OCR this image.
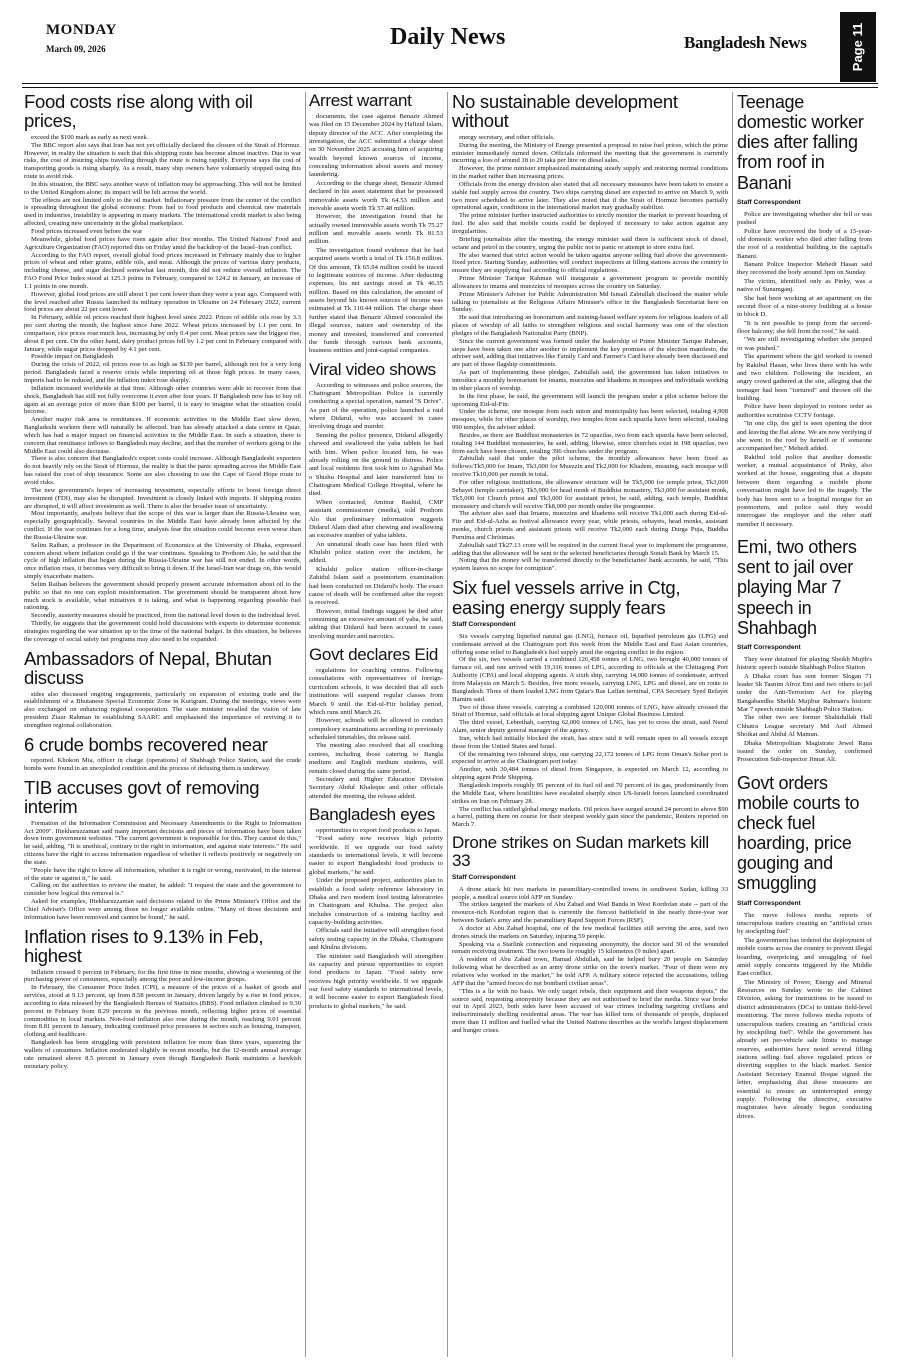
MONDAY
March 09, 2026	Daily News	Bangladesh News	Page 11
Food costs rise along with oil prices,

exceed the $100 mark as early as next week.

The BBC report also says that Iran has not yet officially declared the closure of the Strait of Hormuz. However, in reality the situation is such that this shipping route has become almost inactive. Due to war risks, the cost of insuring ships traveling through the route is rising rapidly. Everyone says the cost of transporting goods is rising sharply. As a result, many ship owners have voluntarily stopped using this route to avoid risk.

In this situation, the BBC says another wave of inflation may be approaching. This will not be limited to the United Kingdom alone; its impact will be felt across the world.

The effects are not limited only to the oil market. Inflationary pressure from the center of the conflict is spreading throughout the global economy. From fuel to food products and chemical raw materials used in industries, instability is appearing in many markets. The international credit market is also being affected, creating new uncertainty in the global marketplace.

Food prices increased even before the war

Meanwhile, global food prices have risen again after five months. The United Nations' Food and Agriculture Organization (FAO) reported this on Friday amid the backdrop of the Israel–Iran conflict.

According to the FAO report, overall global food prices increased in February mainly due to higher prices of wheat and other grains, edible oils, and meat. Although the prices of various dairy products, including cheese, and sugar declined somewhat last month, this did not reduce overall inflation. The FAO Food Price Index stood at 125.3 points in February, compared to 124.2 in January, an increase of 1.1 points in one month.

However, global food prices are still about 1 per cent lower than they were a year ago. Compared with the level reached after Russia launched its military operation in Ukraine on 24 February 2022, current food prices are about 22 per cent lower.

In February, edible oil prices reached their highest level since 2022. Prices of edible oils rose by 3.3 per cent during the month, the highest since June 2022. Wheat prices increased by 1.1 per cent. In comparison, rice prices rose much less, increasing by only 0.4 per cent. Meat prices saw the biggest rise, about 8 per cent. On the other hand, dairy product prices fell by 1.2 per cent in February compared with January, while sugar prices dropped by 4.1 per cent.

Possible impact on Bangladesh

During the crisis of 2022, oil prices rose to as high as $139 per barrel, although not for a very long period. Bangladesh faced a reserve crisis while importing oil at those high prices. In many cases, imports had to be reduced, and the inflation index rose sharply.

Inflation increased worldwide at that time. Although other countries were able to recover from that shock, Bangladesh has still not fully overcome it even after four years. If Bangladesh now has to buy oil again at an average price of more than $100 per barrel, it is easy to imagine what the situation could become.

Another major risk area is remittances. If economic activities in the Middle East slow down, Bangladeshi workers there will naturally be affected. Iran has already attacked a data centre in Qatar, which has had a major impact on financial activities in the Middle East. In such a situation, there is concern that remittance inflows to Bangladesh may decline, and that the number of workers going to the Middle East could also decrease.

There is also concern that Bangladesh's export costs could increase. Although Bangladeshi exporters do not heavily rely on the Strait of Hormuz, the reality is that the panic spreading across the Middle East has raised the cost of ship insurance. Some are also choosing to use the Cape of Good Hope route to avoid risks.

The new government's hopes of increasing investment, especially efforts to boost foreign direct investment (FDI), may also be disrupted. Investment is closely linked with imports. If shipping routes are disrupted, it will affect investment as well. There is also the broader issue of uncertainty.

Most importantly, analysts believe that the scope of this war is larger than the Russia-Ukraine war, especially geographically. Several countries in the Middle East have already been affected by the conflict. If the war continues for a long time, analysts fear the situation could become even worse than the Russia-Ukraine war.

Selim Raihan, a professor in the Department of Economics at the University of Dhaka, expressed concern about where inflation could go if the war continues. Speaking to Prothom Alo, he said that the cycle of high inflation that began during the Russia-Ukraine war has still not ended. In other words, once inflation rises, it becomes very difficult to bring it down. If the Israel-Iran war drags on, this would simply exacerbate matters.

Selim Raihan believes the government should properly present accurate information about oil to the public so that no one can exploit misinformation. The government should be transparent about how much stock is available, what initiatives it is taking, and what is happening regarding possible fuel rationing.

Secondly, austerity measures should be practiced, from the national level down to the individual level.

Thirdly, he suggests that the government could hold discussions with experts to determine economic strategies regarding the war situation up to the time of the national budget. In this situation, he believes the coverage of social safety net programs may also need to be expanded.

Ambassadors of Nepal, Bhutan discuss

sides also discussed ongoing engagements, particularly on expansion of existing trade and the establishment of a Bhutanese Special Economic Zone in Kurigram. During the meetings, views were also exchanged on enhancing regional cooperation. The state minister recalled the vision of late president Ziaur Rahman in establishing SAARC and emphasised the importance of reviving it to strengthen regional collaboration.

6 crude bombs recovered near

reported. Khokon Mia, officer in charge (operations) of Shahbagh Police Station, said the crude bombs were found in an unexploded condition and the process of defusing them is underway.

TIB accuses govt of removing interim

Formation of the Information Commission and Necessary Amendments to the Right to Information Act 2009". Iftekharuzzaman said many important decisions and pieces of information have been taken down from government websites. "The current government is responsible for this. They cannot do this," he said, adding, "It is unethical, contrary to the right to information, and against state interests." He said citizens have the right to access information regardless of whether it reflects positively or negatively on the state.

"People have the right to know all information, whether it is right or wrong, motivated, in the interest of the state or against it," he said.

Calling on the authorities to review the matter, he added: "I request the state and the government to consider how logical this removal is."

Asked for examples, Iftekharuzzaman said decisions related to the Prime Minister's Office and the Chief Adviser's Office were among those no longer available online. "Many of those decisions and information have been removed and cannot be found," he said.

Inflation rises to 9.13% in Feb, highest

Inflation crossed 9 percent in February, for the first time in nine months, showing a worsening of the purchasing power of consumers, especially among the poor and low-income groups.

In February, the Consumer Price Index (CPI), a measure of the prices of a basket of goods and services, stood at 9.13 percent, up from 8.58 percent in January, driven largely by a rise in food prices, according to data released by the Bangladesh Bureau of Statistics (BBS). Food inflation climbed to 9.30 percent in February from 8.29 percent in the previous month, reflecting higher prices of essential commodities in local markets. Non-food inflation also rose during the month, reaching 9.01 percent from 8.81 percent in January, indicating continued price pressures in sectors such as housing, transport, clothing and healthcare.

Bangladesh has been struggling with persistent inflation for more than three years, squeezing the wallets of consumers. Inflation moderated slightly in recent months, but the 12-month annual average rate remained above 8.5 percent in January even though Bangladesh Bank maintains a hawkish monetary policy.

Arrest warrant

documents, the case against Benazir Ahmed was filed on 15 December 2024 by Hafizul Islam, deputy director of the ACC. After completing the investigation, the ACC submitted a charge sheet on 30 November 2025 accusing him of acquiring wealth beyond known sources of income, concealing information about assets and money laundering.

According to the charge sheet, Benazir Ahmed declared in his asset statement that he possessed immovable assets worth Tk 64.53 million and movable assets worth Tk 57.48 million.

However, the investigation found that he actually owned immovable assets worth Tk 75.27 million and movable assets worth Tk 81.53 million.

The investigation found evidence that he had acquired assets worth a total of Tk 156.8 million. Of this amount, Tk 65.94 million could be traced to legitimate sources of income. After deducting expenses, his net savings stood at Tk 46.35 million. Based on this calculation, the amount of assets beyond his known sources of income was estimated at Tk 110.44 million. The charge sheet further stated that Benazir Ahmed concealed the illegal sources, nature and ownership of the money and invested, transferred and converted the funds through various bank accounts, business entities and joint-capital companies.

Viral video shows

According to witnesses and police sources, the Chattogram Metropolitan Police is currently conducting a special operation, named "S Drive". As part of the operation, police launched a raid where Didarul, who was accused in cases involving drugs and murder.

Sensing the police presence, Didarul allegedly chewed and swallowed the yaba tablets he had with him. When police located him, he was already rolling on the ground in distress. Police and local residents first took him to Agrabad Ma o Shishu Hospital and later transferred him to Chattogram Medical College Hospital, where he died.

When contacted, Aminur Rashid, CMP assistant commissioner (media), told Prothom Alo that preliminary information suggests Didarul Alam died after chewing and swallowing an excessive number of yaba tablets.

An unnatural death case has been filed with Khulshi police station over the incident, he added.

Khulshi police station officer-in-charge Zahidul Islam said a postmortem examination had been conducted on Didarul's body. The exact cause of death will be confirmed after the report is received.

However, initial findings suggest he died after consuming an excessive amount of yaba, he said, adding that Didarul had been accused in cases involving murder and narcotics.

Govt declares Eid

regulations for coaching centres. Following consultations with representatives of foreign-curriculum schools, it was decided that all such institutions will suspend regular classes from March 9 until the Eid-ul-Fitr holiday period, which runs until March 26.

However, schools will be allowed to conduct compulsory examinations according to previously scheduled timetables, the release said.

The meeting also resolved that all coaching centres, including those catering to Bangla medium and English medium students, will remain closed during the same period.

Secondary and Higher Education Division Secretary Abdul Khaleque and other officials attended the meeting, the release added.

Bangladesh eyes

opportunities to export food products to Japan.

"Food safety now receives high priority worldwide. If we upgrade our food safety standards to international levels, it will become easier to export Bangladeshi food products to global markets," he said.

Under the proposed project, authorities plan to establish a food safety reference laboratory in Dhaka and two modern food testing laboratories in Chattogram and Khulna. The project also includes construction of a training facility and capacity-building activities.

Officials said the initiative will strengthen food safety testing capacity in the Dhaka, Chattogram and Khulna divisions.

The minister said Bangladesh will strengthen its capacity and pursue opportunities to export food products to Japan. "Food safety now receives high priority worldwide. If we upgrade our food safety standards to international levels, it will become easier to export Bangladesh food products to global markets," he said.

No sustainable development without

energy secretary, and other officials.

During the meeting, the Ministry of Energy presented a proposal to raise fuel prices, which the prime minister immediately turned down. Officials informed the meeting that the government is currently incurring a loss of around 18 to 20 taka per litre on diesel sales.

However, the prime minister emphasized maintaining steady supply and restoring normal conditions in the market rather than increasing prices.

Officials from the energy division also stated that all necessary measures have been taken to ensure a stable fuel supply across the country. Two ships carrying diesel are expected to arrive on March 9, with two more scheduled to arrive later. They also noted that if the Strait of Hormuz becomes partially operational again, conditions in the international market may gradually stabilize.

The prime minister further instructed authorities to strictly monitor the market to prevent hoarding of fuel. He also said that mobile courts could be deployed if necessary to take action against any irregularities.

Briefing journalists after the meeting, the energy minister said there is sufficient stock of diesel, octane and petrol in the country, urging the public not to panic or attempt to store extra fuel.

He also warned that strict action would be taken against anyone selling fuel above the government-fixed price. Starting Sunday, authorities will conduct inspections at filling stations across the country to ensure they are supplying fuel according to official regulations.

Prime Minister Tarique Rahman will inaugurate a government program to provide monthly allowances to imams and muezzins of mosques across the country on Saturday.

Prime Minister's Adviser for Public Administration Md Ismail Zabiullah disclosed the matter while talking to journalists at the Religious Affairs Minister's office in the Bangladesh Secretariat here on Sunday.

He said that introducing an honorarium and training-based welfare system for religious leaders of all places of worship of all faiths to strengthen religious and social harmony was one of the election pledges of the Bangladesh Nationalist Party (BNP).

Since the current government was formed under the leadership of Prime Minister Tarique Rahman, steps have been taken one after another to implement the key promises of the election manifesto, the adviser said, adding that initiatives like Family Card and Farmer's Card have already been discussed and are part of those flagship commitments.

As part of implementing these pledges, Zabiullah said, the government has taken initiatives to introduce a monthly honorarium for imams, muezzins and khadems in mosques and individuals working in other places of worship.

In the first phase, he said, the government will launch the program under a pilot scheme before the upcoming Eid-ul-Fitr.

Under the scheme, one mosque from each union and municipality has been selected, totaling 4,908 mosques, while for other places of worship, two temples from each upazila have been selected, totaling 990 temples, the adviser added.

Besides, as there are Buddhist monasteries in 72 upazilas, two from each upazila have been selected, totaling 144 Buddhist monasteries, he said, adding, likewise, since churches exist in 198 upazilas, two from each have been chosen, totaling 396 churches under the program.

Zabiullah said that under the pilot scheme, the monthly allowances have been fixed as follows:Tk5,000 for Imam, Tk3,000 for Muezzin and Tk2,000 for Khadem, meaning, each mosque will receive Tk10,000 per month in total.

For other religious institutions, the allowance structure will be Tk5,000 for temple priest, Tk3,000 Sebayet (temple caretaker), Tk5,000 for head monk of Buddhist monastery, Tk3,000 for assistant monk, Tk5,000 for Church priest and Tk3,000 for assistant priest, he said, adding, each temple, Buddhist monastery and church will receive Tk8,000 per month under the programme.

The adviser also said that Imams, muezzins and khadems will receive Tk1,000 each during Eid-ul-Fitr and Eid-ul-Azha as festival allowance every year, while priests, sebayets, head monks, assistant monks, church priests and assistant priests will receive Tk2,000 each during Durga Puja, Buddha Purnima and Christmas.

Zabiullah said Tk27.13 crore will be required in the current fiscal year to implement the programme, adding that the allowance will be sent to the selected beneficiaries through Sonali Bank by March 15.

Noting that the money will be transferred directly to the beneficiaries' bank accounts, he said, "This system leaves no scope for corruption".

Six fuel vessels arrive in Ctg, easing energy supply fears
Staff Correspondent

Six vessels carrying liquefied natural gas (LNG), furnace oil, liquefied petroleum gas (LPG) and condensate arrived at the Chattogram port this week from the Middle East and East Asian countries, offering some relief to Bangladesh's fuel supply amid the ongoing conflict in the region.

Of the six, two vessels carried a combined 126,458 tonnes of LNG, two brought 40,000 tonnes of furnace oil, and one arrived with 19,316 tonnes of LPG, according to officials at the Chittagong Port Authority (CPA) and local shipping agents. A sixth ship, carrying 14,000 tonnes of condensate, arrived from Malaysia on March 5. Besides, five more vessels, carrying LNG, LPG and diesel, are en route to Bangladesh. Three of them loaded LNG from Qatar's Ras Laffan terminal, CPA Secretary Syed Refayet Hamim said.

Two of those three vessels, carrying a combined 120,000 tonnes of LNG, have already crossed the Strait of Hormuz, said officials at local shipping agent Unique Global Business Limited.

The third vessel, Lebrethah, carrying 62,000 tonnes of LNG, has yet to cross the strait, said Nurul Alam, senior deputy general manager of the agency.

Iran, which had initially blocked the strait, has since said it will remain open to all vessels except those from the United States and Israel.

Of the remaining two inbound ships, one carrying 22,172 tonnes of LPG from Oman's Sohar port is expected to arrive at the Chattogram port today.

Another, with 30,484 tonnes of diesel from Singapore, is expected on March 12, according to shipping agent Pride Shipping.

Bangladesh imports roughly 95 percent of its fuel oil and 70 percent of its gas, predominantly from the Middle East, where hostilities have escalated sharply since US-Israeli forces launched coordinated strikes on Iran on February 28.

The conflict has rattled global energy markets. Oil prices have surged around 24 percent to above $90 a barrel, putting them on course for their steepest weekly gain since the pandemic, Reuters reported on March 7.

Drone strikes on Sudan markets kill 33
Staff Correspondent

A drone attack hit two markets in paramilitary-controlled towns in southwest Sudan, killing 33 people, a medical source told AFP on Sunday.

The strikes targeted the markets of Abu Zabad and Wad Banda in West Kordofan state -- part of the resource-rich Kordofan region that is currently the fiercest battlefield in the nearly three-year war between Sudan's army and the paramilitary Rapid Support Forces (RSF).

A doctor at Abu Zabad hospital, one of the few medical facilities still serving the area, said two drones struck the markets on Saturday, injuring 59 people.

Speaking via a Starlink connection and requesting anonymity, the doctor said 30 of the wounded remain receiving treatment. The two towns lie roughly 15 kilometres (9 miles) apart.

A resident of Abu Zabad town, Hamad Abdullah, said he helped bury 20 people on Saturday following what he described as an army drone strike on the town's market. "Four of them were my relatives who worked in the market," he told AFP. A military source rejected the accusations, telling AFP that the "armed forces do not bombard civilian areas".

"This is a lie with no basis. We only target rebels, their equipment and their weapons depots," the source said, requesting anonymity because they are not authorised to brief the media. Since war broke out in April 2023, both sides have been accused of war crimes including targeting civilians and indiscriminately shelling residential areas. The war has killed tens of thousands of people, displaced more than 11 million and fuelled what the United Nations describes as the world's largest displacement and hunger crises.

Teenage domestic worker dies after falling from roof in Banani
Staff Correspondent

Police are investigating whether she fell or was pushed

Police have recovered the body of a 15-year-old domestic worker who died after falling from the roof of a residential building in the capital's Banani.

Banani Police Inspector Mehedi Hasan said they recovered the body around 3pm on Sunday.

The victim, identified only as Pinky, was a native of Sunamganj.

She had been working at an apartment on the second floor of a nine-storey building at a house in block D.

"It is not possible to jump from the second-floor balcony; she fell from the roof," he said.

"We are still investigating whether she jumped or was pushed."

The apartment where the girl worked is owned by Rakibul Hasan, who lives there with his wife and two children. Following the incident, an angry crowd gathered at the site, alleging that the teenager had been "tortured" and thrown off the building.

Police have been deployed to restore order as authorities scrutinise CCTV footage.

"In one clip, the girl is seen opening the door and leaving the flat alone. We are now verifying if she went to the roof by herself or if someone accompanied her," Mehedi added.

Rakibul told police that another domestic worker, a mutual acquaintance of Pinky, also worked at the house, suggesting that a dispute between them regarding a mobile phone conversation might have led to the tragedy. The body has been sent to a hospital morgue for an postmortem, and police said they would interrogate the employer and the other staff member if necessary.

Emi, two others sent to jail over playing Mar 7 speech in Shahbagh
Staff Correspondent

They were detained for playing Sheikh Mujib's historic speech outside Shahbagh Police Station

A Dhaka court has sent former Slogan 71 leader Sk Tasnim Afroz Emi and two others to jail under the Anti-Terrorism Act for playing Bangabandhu Sheikh Mujibur Rahman's historic Mar 7 speech outside Shahbagh Police Station.

The other two are former Shahidullah Hall Chhatra League secretary Md Asif Ahmed Shoikat and Abdul Al Mamun.

Dhaka Metropolitan Magistrate Jewel Rana issued the order on Sunday, confirmed Prosecution Sub-inspector Jinnat Ali.

Govt orders mobile courts to check fuel hoarding, price gouging and smuggling
Staff Correspondent

The move follows media reports of unscrupulous traders creating an "artificial crisis by stockpiling fuel"

The government has ordered the deployment of mobile courts across the country to prevent illegal hoarding, overpricing, and smuggling of fuel amid supply concerns triggered by the Middle East conflict.

The Ministry of Power, Energy and Mineral Resources on Sunday wrote to the Cabinet Division, asking for instructions to be issued to district administrators (DCs) to initiate field-level monitoring. The move follows media reports of unscrupulous traders creating an "artificial crisis by stockpiling fuel". While the government has already set per-vehicle sale limits to manage reserves, authorities have noted several filling stations selling fuel above regulated prices or diverting supplies to the black market. Senior Assistant Secretary Enamul Hoque signed the letter, emphasising that these measures are essential to ensure an uninterrupted energy supply. Following the directive, executive magistrates have already begun conducting drives.
